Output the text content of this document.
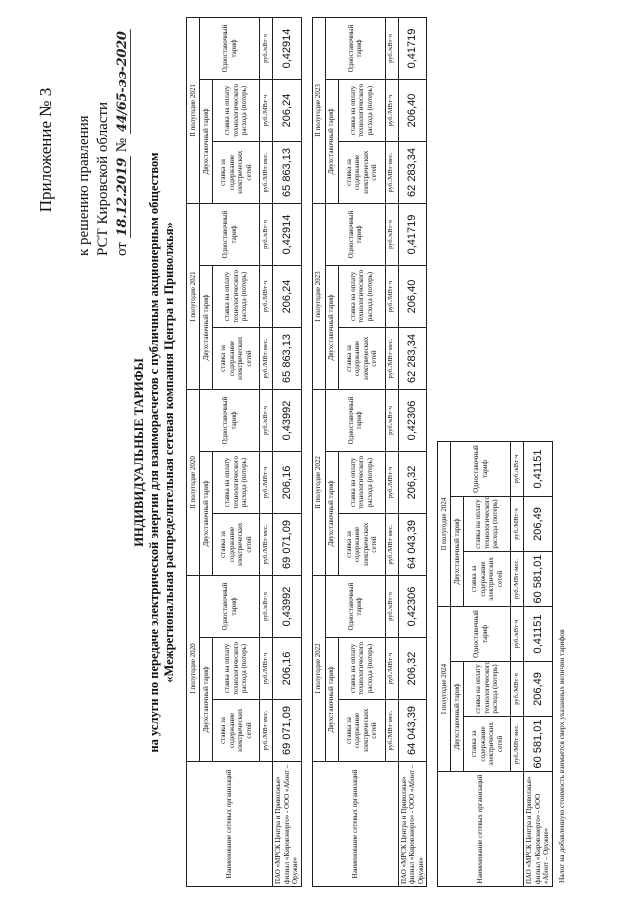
Приложение № 3 к решению правления РСТ Кировской области от 18.12.2019 № 44/65-ээ-2020
ИНДИВИДУАЛЬНЫЕ ТАРИФЫ на услуги по передаче электрической энергии для взаиморасчетов с публичным акционерным обществом «Межрегиональная распределительная сетевая компания Центра и Приволжья»
Наименование сетевых организаций	I полугодие 2020			II полугодие 2020			I полугодие 2021			II полугодие 2021		
	Двухставочный тариф		Одноставочный тариф	Двухставочный тариф		Одноставочный тариф	Двухставочный тариф		Одноставочный тариф	Двухставочный тариф		Одноставочный тариф
	ставка за содержание электрических сетей	ставка на оплату технологического расхода (потерь)		ставка за содержание электрических сетей	ставка на оплату технологического расхода (потерь)		ставка за содержание электрических сетей	ставка на оплату технологического расхода (потерь)		ставка за содержание электрических сетей	ставка на оплату технологического расхода (потерь)	
	руб./МВт·мес.	руб./МВт·ч	руб./кВт·ч	руб./МВт·мес.	руб./МВт·ч	руб./кВт·ч	руб./МВт·мес.	руб./МВт·ч	руб./кВт·ч	руб./МВт·мес.	руб./МВт·ч	руб./кВт·ч
ПАО «МРСК Центра и Приволжья» филиал «Кировэнерго» - ООО «Абонт – Оружие»	69 071,09	206,16	0,43992	69 071,09	206,16	0,43992	65 863,13	206,24	0,42914	65 863,13	206,24	0,42914
Наименование сетевых организаций	I полугодие 2022			II полугодие 2022			I полугодие 2023			II полугодие 2023		
	Двухставочный тариф		Одноставочный тариф	Двухставочный тариф		Одноставочный тариф	Двухставочный тариф		Одноставочный тариф	Двухставочный тариф		Одноставочный тариф
	ставка за содержание электрических сетей	ставка на оплату технологического расхода (потерь)		ставка за содержание электрических сетей	ставка на оплату технологического расхода (потерь)		ставка за содержание электрических сетей	ставка на оплату технологического расхода (потерь)		ставка за содержание электрических сетей	ставка на оплату технологического расхода (потерь)	
	руб./МВт·мес.	руб./МВт·ч	руб./кВт·ч	руб./МВт·мес.	руб./МВт·ч	руб./кВт·ч	руб./МВт·мес.	руб./МВт·ч	руб./кВт·ч	руб./МВт·мес.	руб./МВт·ч	руб./кВт·ч
ПАО «МРСК Центра и Приволжья» филиал «Кировэнерго» - ООО «Абонт – Оружие»	64 043,39	206,32	0,42306	64 043,39	206,32	0,42306	62 283,34	206,40	0,41719	62 283,34	206,40	0,41719
Наименование сетевых организаций	I полугодие 2024			II полугодие 2024		
	Двухставочный тариф		Одноставочный тариф	Двухставочный тариф		Одноставочный тариф
	ставка за содержание электрических сетей	ставка на оплату технологического расхода (потерь)		ставка за содержание электрических сетей	ставка на оплату технологического расхода (потерь)	
	руб./МВт·мес.	руб./МВт·ч	руб./кВт·ч	руб./МВт·мес.	руб./МВт·ч	руб./кВт·ч
ПАО «МРСК Центра и Приволжья» филиал «Кировэнерго» - ООО «Абонт – Оружие»	60 581,01	206,49	0,41151	60 581,01	206,49	0,41151
Налог на добавленную стоимость взимается сверх указанных величин тарифов
